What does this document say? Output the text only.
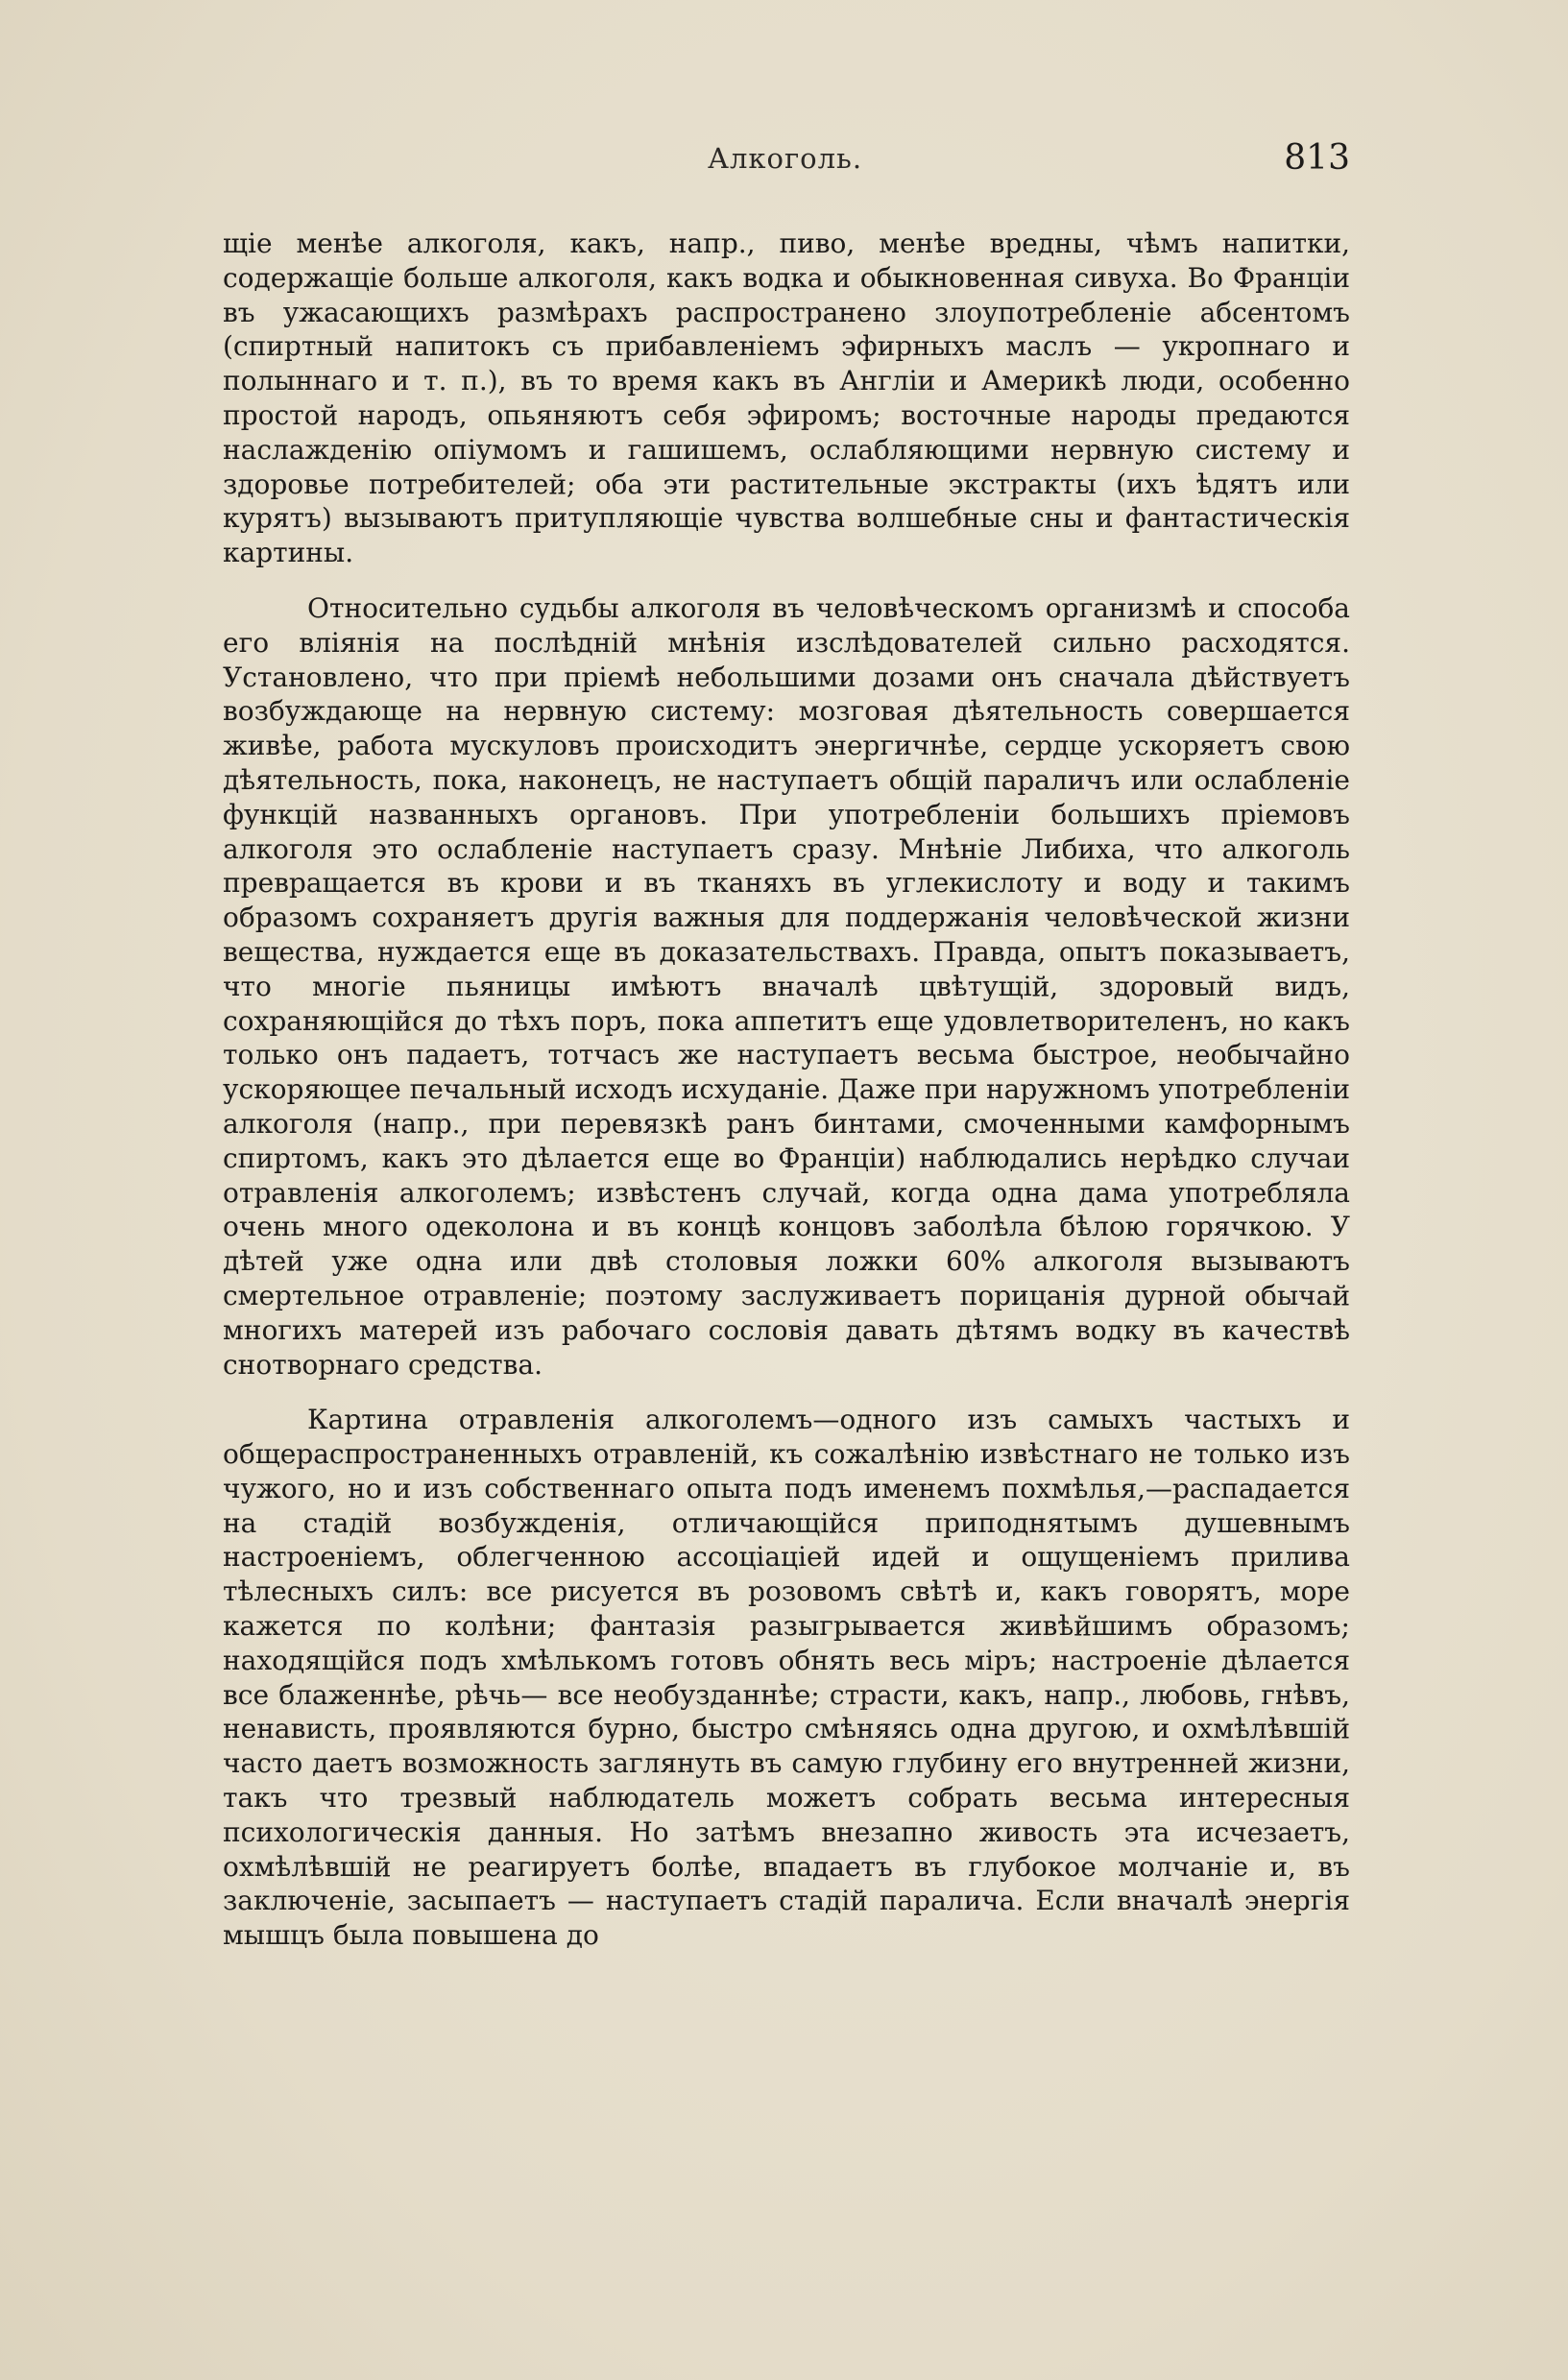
Алкоголь.	813

щіе менѣе алкоголя, какъ, напр., пиво, менѣе вредны, чѣмъ напитки, содержащіе больше алкоголя, какъ водка и обыкновенная сивуха. Во Франціи въ ужасающихъ размѣрахъ распространено злоупотребленіе абсентомъ (спиртный напитокъ съ прибавленіемъ эфирныхъ маслъ — укропнаго и полыннаго и т. п.), въ то время какъ въ Англіи и Америкѣ люди, особенно простой народъ, опьяняютъ себя эфиромъ; восточные народы предаются наслажденію опіумомъ и гашишемъ, ослабляющими нервную систему и здоровье потребителей; оба эти растительные экстракты (ихъ ѣдятъ или курятъ) вызываютъ притупляющіе чувства волшебные сны и фантастическія картины.

Относительно судьбы алкоголя въ человѣческомъ организмѣ и способа его вліянія на послѣдній мнѣнія изслѣдователей сильно расходятся. Установлено, что при пріемѣ небольшими дозами онъ сначала дѣйствуетъ возбуждающе на нервную систему: мозговая дѣятельность совершается живѣе, работа мускуловъ происходитъ энергичнѣе, сердце ускоряетъ свою дѣятельность, пока, наконецъ, не наступаетъ общій параличъ или ослабленіе функцій названныхъ органовъ. При употребленіи большихъ пріемовъ алкоголя это ослабленіе наступаетъ сразу. Мнѣніе Либиха, что алкоголь превращается въ крови и въ тканяхъ въ углекислоту и воду и такимъ образомъ сохраняетъ другія важныя для поддержанія человѣческой жизни вещества, нуждается еще въ доказательствахъ. Правда, опытъ показываетъ, что многіе пьяницы имѣютъ вначалѣ цвѣтущій, здоровый видъ, сохраняющійся до тѣхъ поръ, пока аппетитъ еще удовлетворителенъ, но какъ только онъ падаетъ, тотчасъ же наступаетъ весьма быстрое, необычайно ускоряющее печальный исходъ исхуданіе. Даже при наружномъ употребленіи алкоголя (напр., при перевязкѣ ранъ бинтами, смоченными камфорнымъ спиртомъ, какъ это дѣлается еще во Франціи) наблюдались нерѣдко случаи отравленія алкоголемъ; извѣстенъ случай, когда одна дама употребляла очень много одеколона и въ концѣ концовъ заболѣла бѣлою горячкою. У дѣтей уже одна или двѣ столовыя ложки 60% алкоголя вызываютъ смертельное отравленіе; поэтому заслуживаетъ порицанія дурной обычай многихъ матерей изъ рабочаго сословія давать дѣтямъ водку въ качествѣ снотворнаго средства.

Картина отравленія алкоголемъ—одного изъ самыхъ частыхъ и общераспространенныхъ отравленій, къ сожалѣнію извѣстнаго не только изъ чужого, но и изъ собственнаго опыта подъ именемъ похмѣлья,—распадается на стадій возбужденія, отличающійся приподнятымъ душевнымъ настроеніемъ, облегченною ассоціаціей идей и ощущеніемъ прилива тѣлесныхъ силъ: все рисуется въ розовомъ свѣтѣ и, какъ говорятъ, море кажется по колѣни; фантазія разыгрывается живѣйшимъ образомъ; находящійся подъ хмѣлькомъ готовъ обнять весь міръ; настроеніе дѣлается все блаженнѣе, рѣчь— все необузданнѣе; страсти, какъ, напр., любовь, гнѣвъ, ненависть, проявляются бурно, быстро смѣняясь одна другою, и охмѣлѣвшій часто даетъ возможность заглянуть въ самую глубину его внутренней жизни, такъ что трезвый наблюдатель можетъ собрать весьма интересныя психологическія данныя. Но затѣмъ внезапно живость эта исчезаетъ, охмѣлѣвшій не реагируетъ болѣе, впадаетъ въ глубокое молчаніе и, въ заключеніе, засыпаетъ — наступаетъ стадій паралича. Если вначалѣ энергія мышцъ была повышена до
